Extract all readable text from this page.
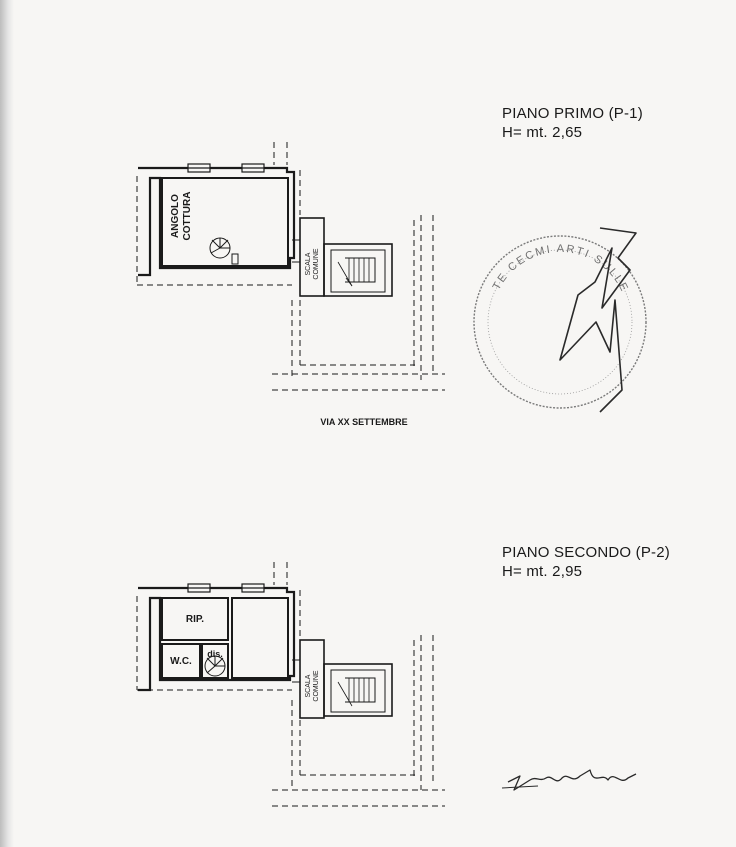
PIANO PRIMO (P-1)
H= mt. 2,65
PIANO SECONDO (P-2)
H= mt. 2,95
ANGOLO COTTURA
SCALA COMUNE
VIA XX SETTEMBRE
TE CECMI ARTI SULLE
RIP.
W.C.
dis.
SCALA COMUNE
